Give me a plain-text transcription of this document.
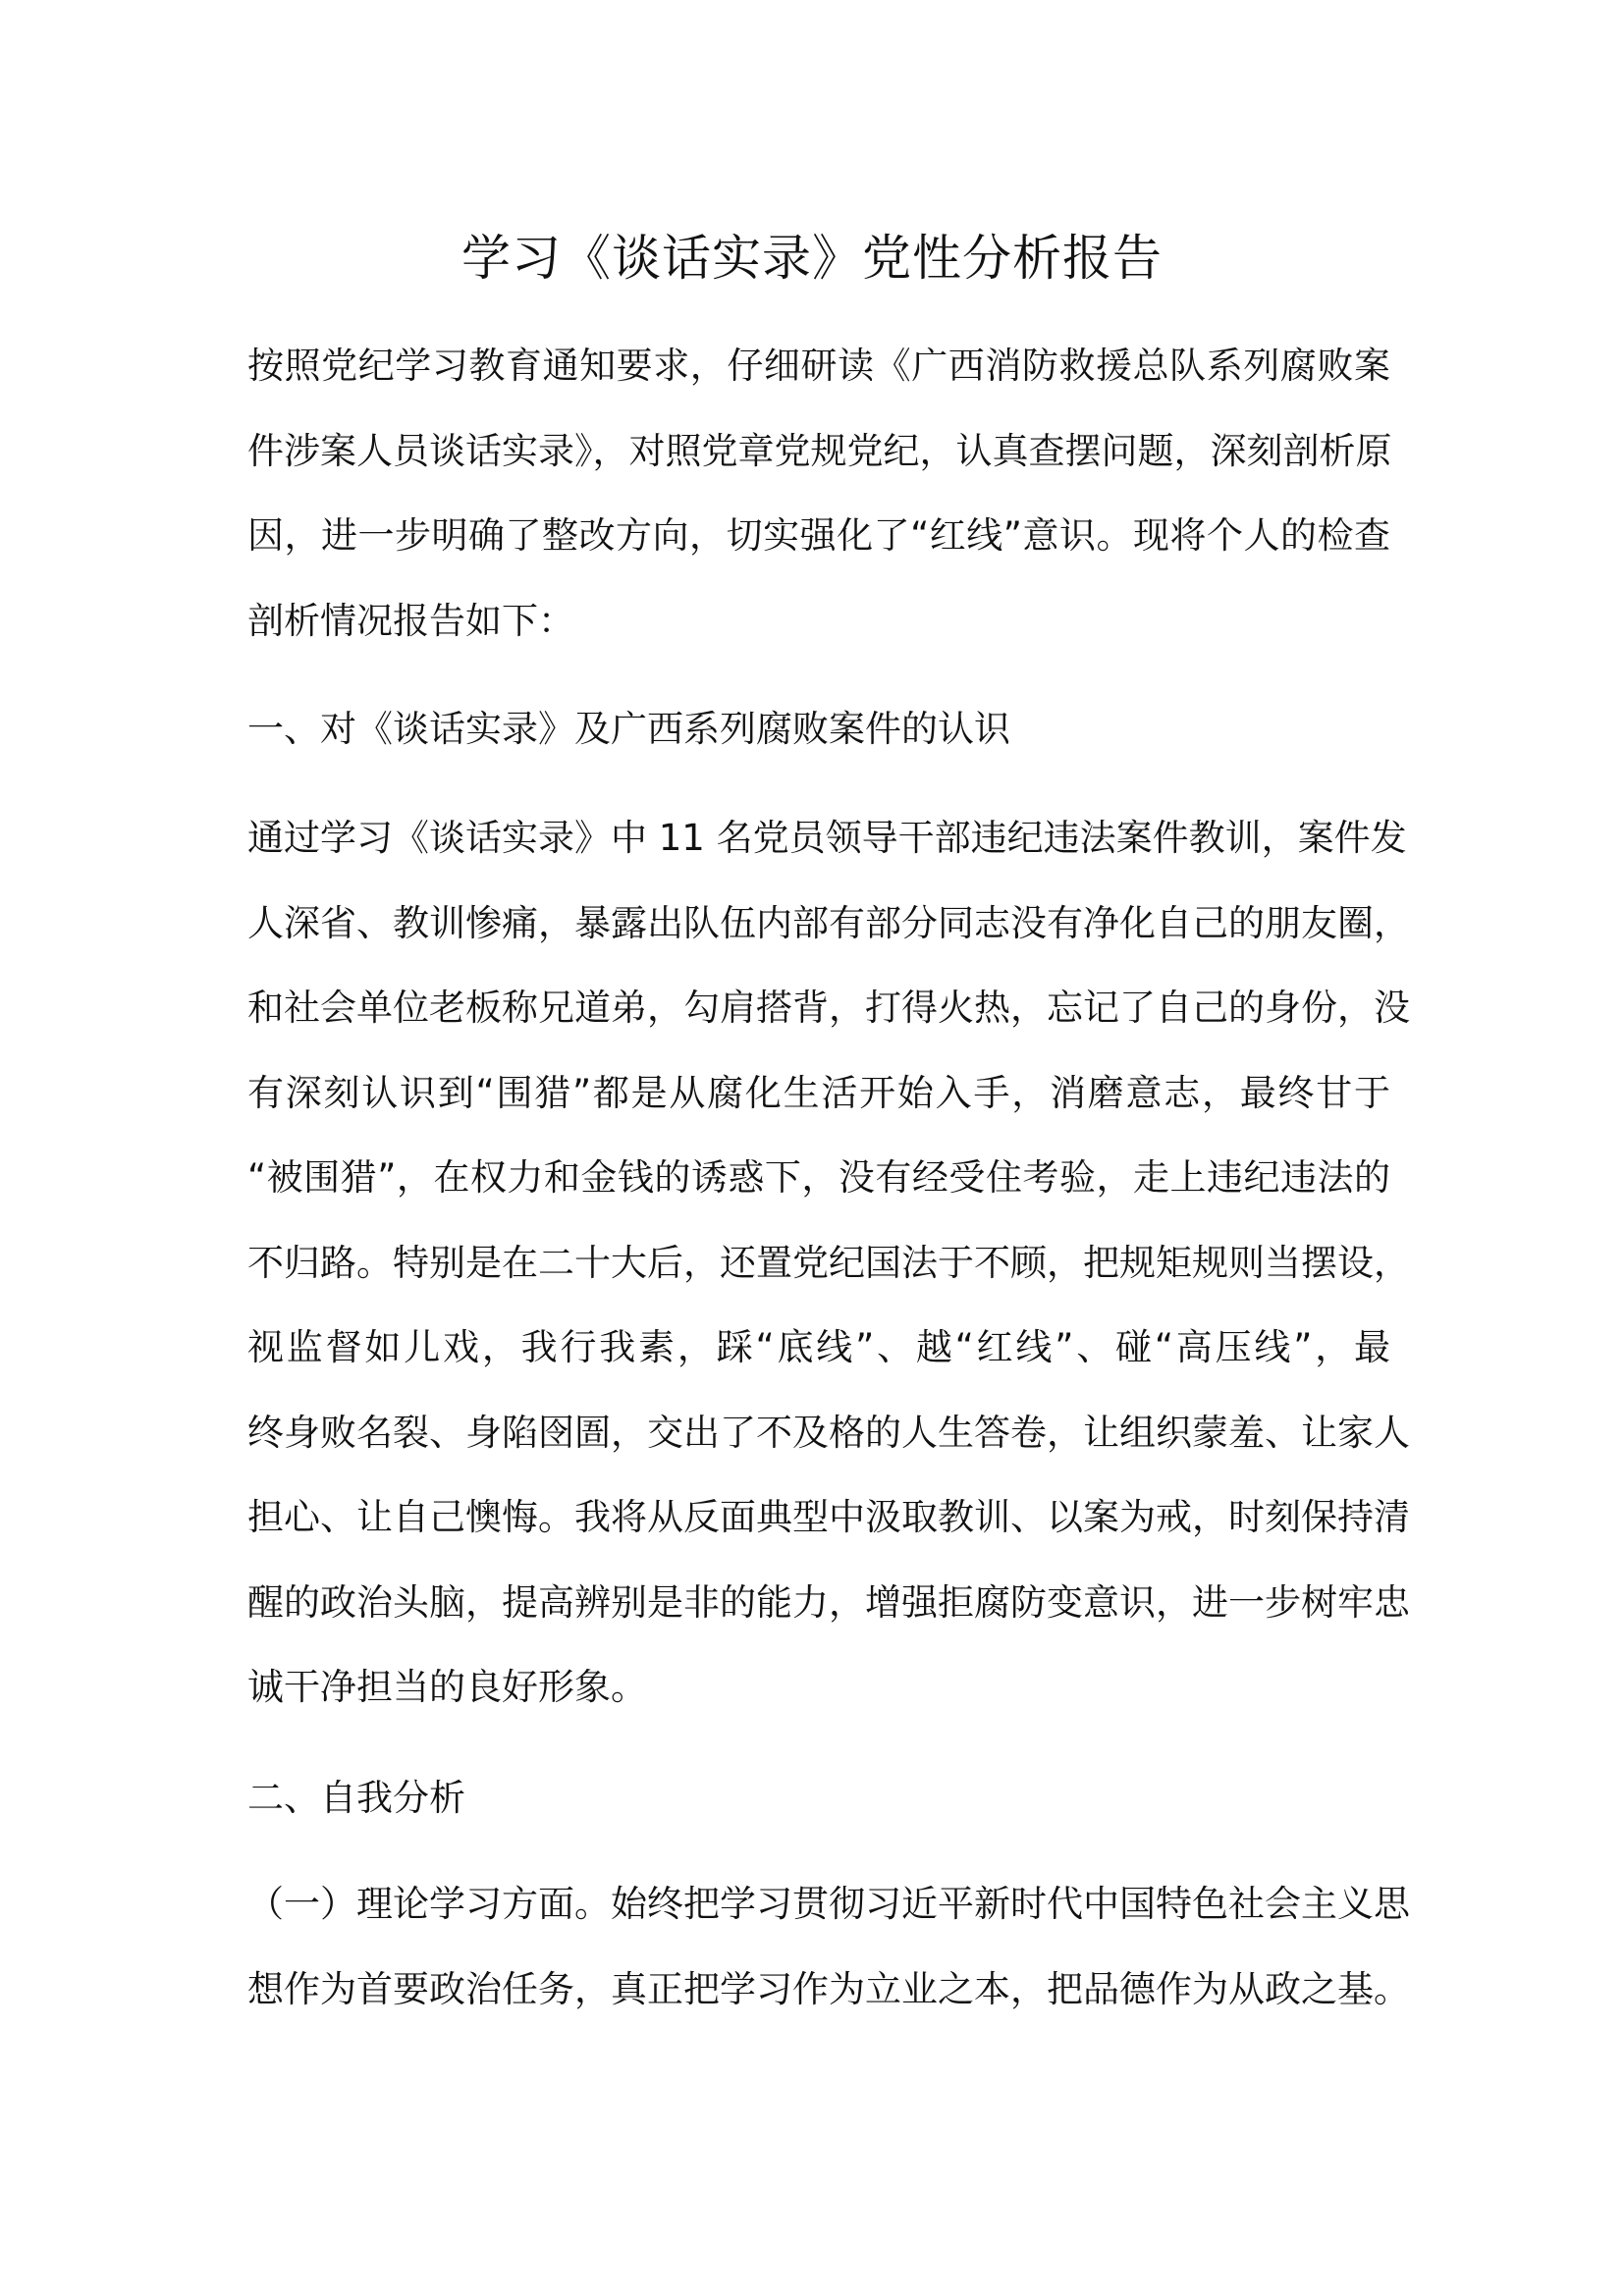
学习《谈话实录》党性分析报告
按照党纪学习教育通知要求，仔细研读《广西消防救援总队系列腐败案
件涉案人员谈话实录》，对照党章党规党纪，认真查摆问题，深刻剖析原
因，进一步明确了整改方向，切实强化了“红线”意识。现将个人的检查
剖析情况报告如下：
一、对《谈话实录》及广西系列腐败案件的认识
通过学习《谈话实录》中 11 名党员领导干部违纪违法案件教训，案件发
人深省、教训惨痛，暴露出队伍内部有部分同志没有净化自己的朋友圈，
和社会单位老板称兄道弟，勾肩搭背，打得火热，忘记了自己的身份，没
有深刻认识到“围猎”都是从腐化生活开始入手，消磨意志，最终甘于
“被围猎”，在权力和金钱的诱惑下，没有经受住考验，走上违纪违法的
不归路。特别是在二十大后，还置党纪国法于不顾，把规矩规则当摆设，
视监督如儿戏，我行我素，踩“底线”、越“红线”、碰“高压线”，最
终身败名裂、身陷囹圄，交出了不及格的人生答卷，让组织蒙羞、让家人
担心、让自己懊悔。我将从反面典型中汲取教训、以案为戒，时刻保持清
醒的政治头脑，提高辨别是非的能力，增强拒腐防变意识，进一步树牢忠
诚干净担当的良好形象。
二、自我分析
（一）理论学习方面。始终把学习贯彻习近平新时代中国特色社会主义思
想作为首要政治任务，真正把学习作为立业之本，把品德作为从政之基。
